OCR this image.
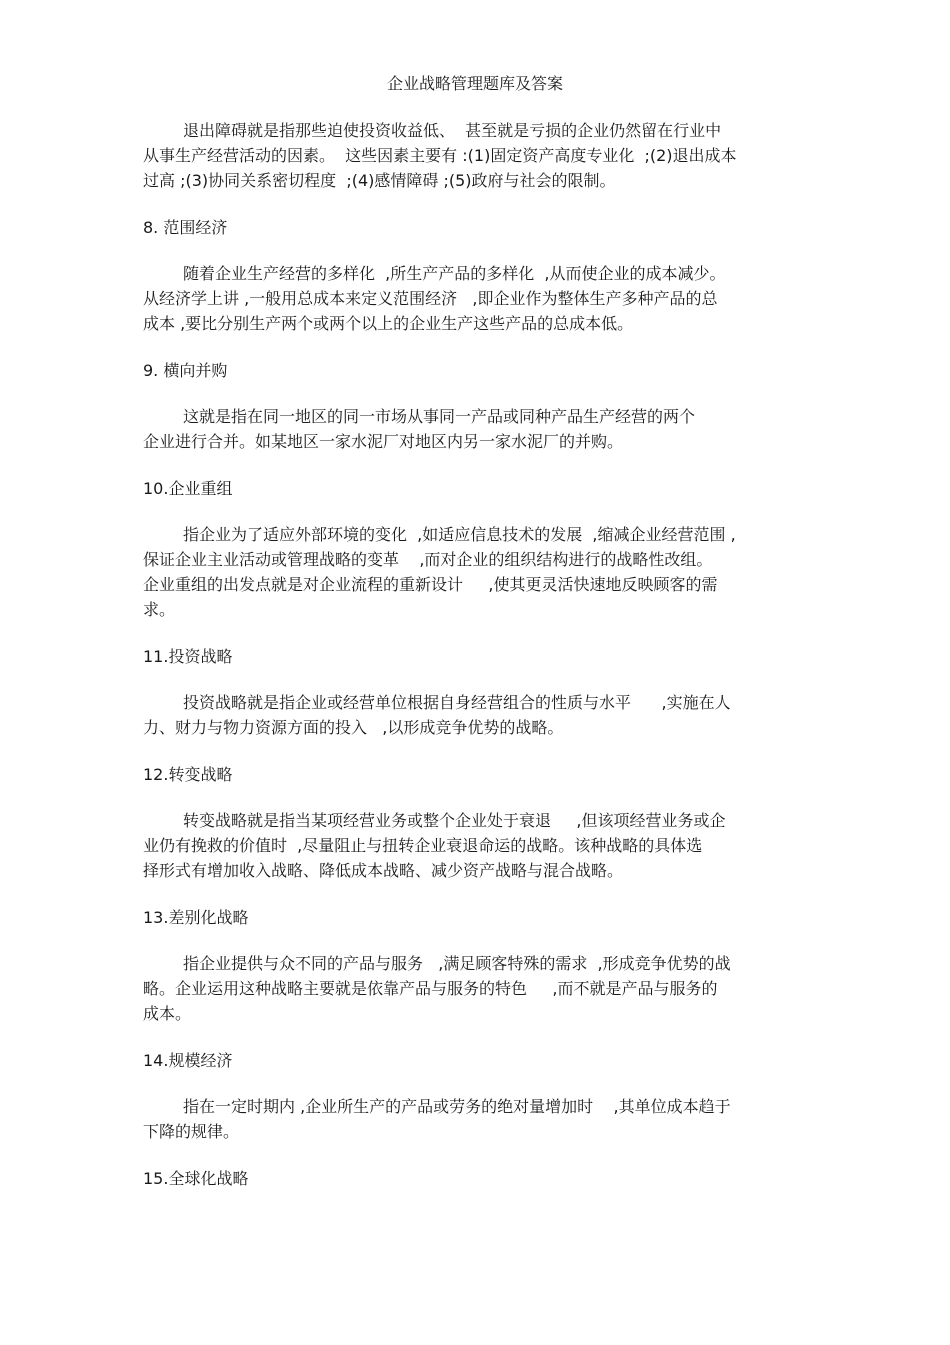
企业战略管理题库及答案

退出障碍就是指那些迫使投资收益低、  甚至就是亏损的企业仍然留在行业中
从事生产经营活动的因素。  这些因素主要有 :(1)固定资产高度专业化  ;(2)退出成本
过高 ;(3)协同关系密切程度  ;(4)感情障碍 ;(5)政府与社会的限制。

8. 范围经济

随着企业生产经营的多样化  ,所生产产品的多样化  ,从而使企业的成本减少。
从经济学上讲 ,一般用总成本来定义范围经济   ,即企业作为整体生产多种产品的总
成本 ,要比分别生产两个或两个以上的企业生产这些产品的总成本低。

9. 横向并购

这就是指在同一地区的同一市场从事同一产品或同种产品生产经营的两个
企业进行合并。如某地区一家水泥厂对地区内另一家水泥厂的并购。

10.企业重组

指企业为了适应外部环境的变化  ,如适应信息技术的发展  ,缩减企业经营范围 ,
保证企业主业活动或管理战略的变革    ,而对企业的组织结构进行的战略性改组。
企业重组的出发点就是对企业流程的重新设计     ,使其更灵活快速地反映顾客的需
求。

11.投资战略

投资战略就是指企业或经营单位根据自身经营组合的性质与水平      ,实施在人
力、财力与物力资源方面的投入   ,以形成竞争优势的战略。

12.转变战略

转变战略就是指当某项经营业务或整个企业处于衰退     ,但该项经营业务或企
业仍有挽救的价值时  ,尽量阻止与扭转企业衰退命运的战略。该种战略的具体选
择形式有增加收入战略、降低成本战略、减少资产战略与混合战略。

13.差别化战略

指企业提供与众不同的产品与服务   ,满足顾客特殊的需求  ,形成竞争优势的战
略。企业运用这种战略主要就是依靠产品与服务的特色     ,而不就是产品与服务的
成本。

14.规模经济

指在一定时期内 ,企业所生产的产品或劳务的绝对量增加时    ,其单位成本趋于
下降的规律。

15.全球化战略
